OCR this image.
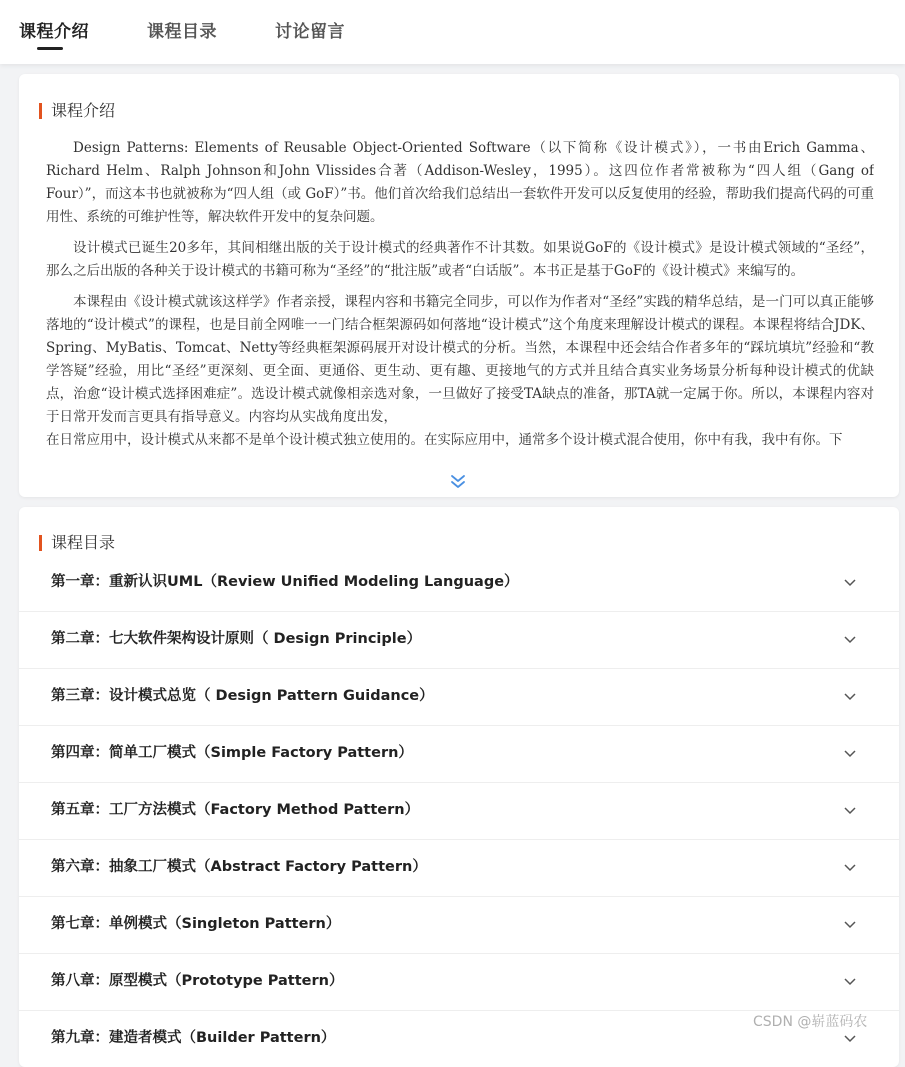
课程介绍	课程目录	讨论留言
课程介绍

Design Patterns: Elements of Reusable Object-Oriented Software（以下简称《设计模式》），一书由Erich Gamma、Richard Helm、Ralph Johnson和John Vlissides合著（Addison-Wesley，1995）。这四位作者常被称为“四人组（Gang of Four）”，而这本书也就被称为“四人组（或 GoF）”书。他们首次给我们总结出一套软件开发可以反复使用的经验，帮助我们提高代码的可重用性、系统的可维护性等，解决软件开发中的复杂问题。

设计模式已诞生20多年，其间相继出版的关于设计模式的经典著作不计其数。如果说GoF的《设计模式》是设计模式领域的“圣经”，那么之后出版的各种关于设计模式的书籍可称为“圣经”的“批注版”或者“白话版”。本书正是基于GoF的《设计模式》来编写的。

本课程由《设计模式就该这样学》作者亲授，课程内容和书籍完全同步，可以作为作者对“圣经”实践的精华总结，是一门可以真正能够落地的“设计模式”的课程，也是目前全网唯一一门结合框架源码如何落地“设计模式”这个角度来理解设计模式的课程。本课程将结合JDK、Spring、MyBatis、Tomcat、Netty等经典框架源码展开对设计模式的分析。当然，本课程中还会结合作者多年的“踩坑填坑”经验和“教学答疑”经验，用比“圣经”更深刻、更全面、更通俗、更生动、更有趣、更接地气的方式并且结合真实业务场景分析每种设计模式的优缺点，治愈“设计模式选择困难症”。选设计模式就像相亲选对象，一旦做好了接受TA缺点的准备，那TA就一定属于你。所以，本课程内容对于日常开发而言更具有指导意义。内容均从实战角度出发，

在日常应用中，设计模式从来都不是单个设计模式独立使用的。在实际应用中，通常多个设计模式混合使用，你中有我，我中有你。下

课程目录
第一章：重新认识UML（Review Unified Modeling Language）
第二章：七大软件架构设计原则（ Design Principle）
第三章：设计模式总览（ Design Pattern Guidance）
第四章：简单工厂模式（Simple Factory Pattern）
第五章：工厂方法模式（Factory Method Pattern）
第六章：抽象工厂模式（Abstract Factory Pattern）
第七章：单例模式（Singleton Pattern）
第八章：原型模式（Prototype Pattern）
第九章：建造者模式（Builder Pattern）
CSDN @崭蓝码农
